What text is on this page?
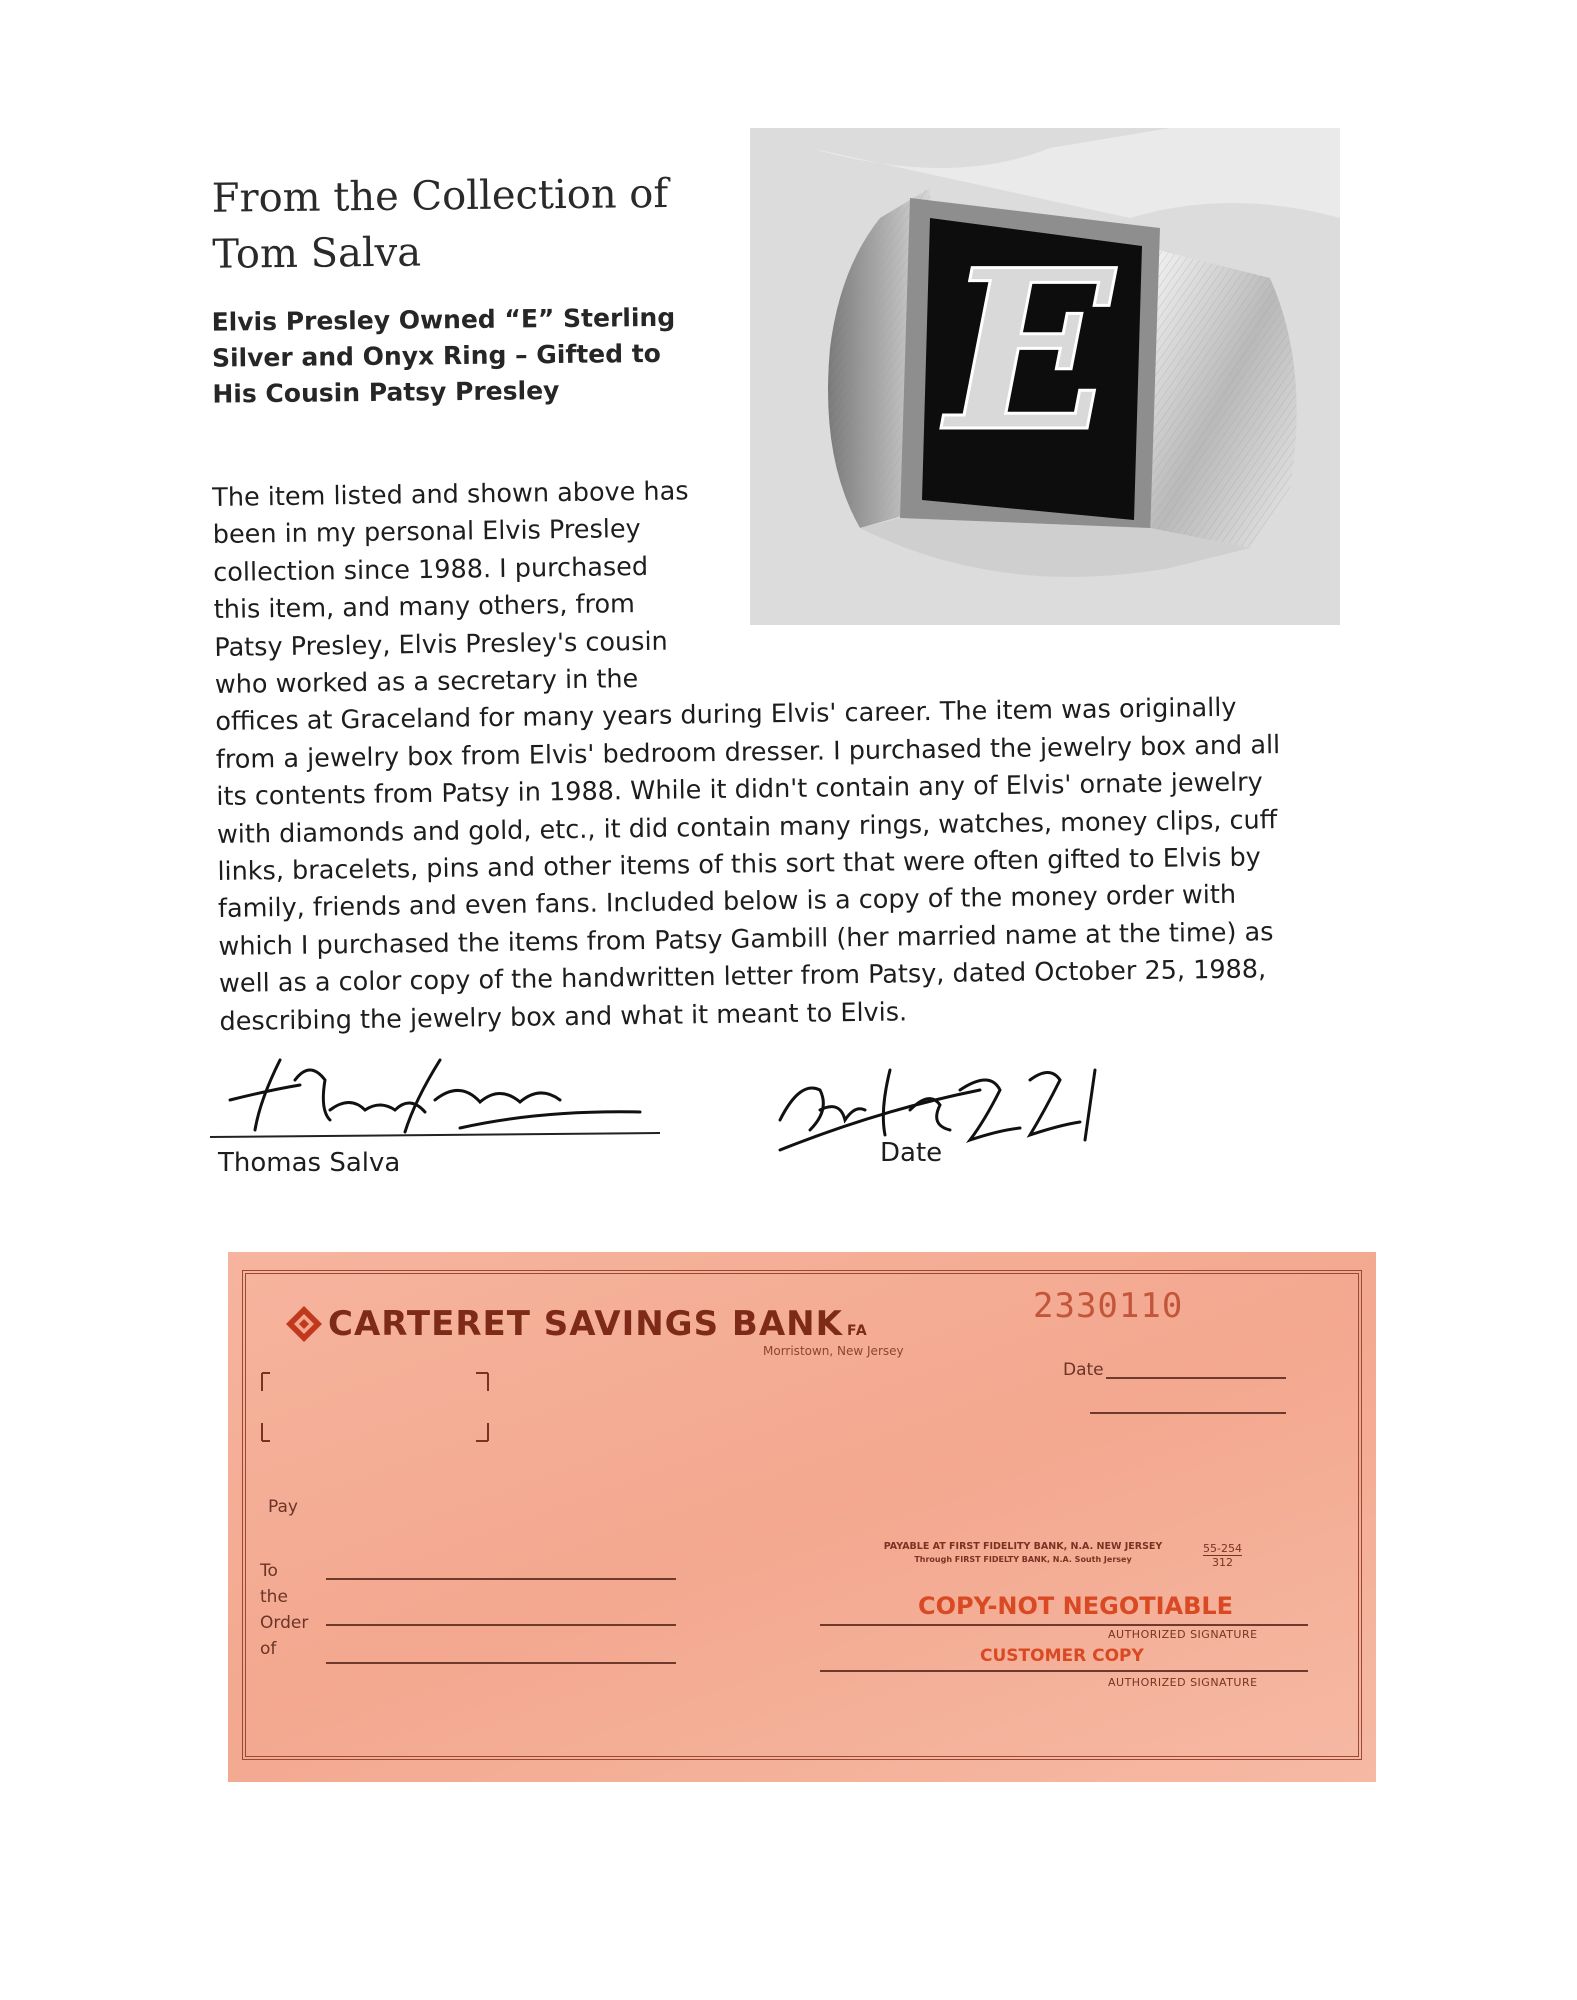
From the Collection of
Tom Salva
Elvis Presley Owned “E” Sterling
Silver and Onyx Ring – Gifted to
His Cousin Patsy Presley	E

The item listed and shown above has

been in my personal Elvis Presley

collection since 1988. I purchased

this item, and many others, from

Patsy Presley, Elvis Presley's cousin

who worked as a secretary in the

offices at Graceland for many years during Elvis' career. The item was originally

from a jewelry box from Elvis' bedroom dresser. I purchased the jewelry box and all

its contents from Patsy in 1988. While it didn't contain any of Elvis' ornate jewelry

with diamonds and gold, etc., it did contain many rings, watches, money clips, cuff

links, bracelets, pins and other items of this sort that were often gifted to Elvis by

family, friends and even fans. Included below is a copy of the money order with

which I purchased the items from Patsy Gambill (her married name at the time) as

well as a color copy of the handwritten letter from Patsy, dated October 25, 1988,

describing the jewelry box and what it meant to Elvis.

Thomas Salva	Date
CARTERET SAVINGS BANK FA
Morristown, New Jersey
2330110
Date
Pay
To
the
Order
of
PAYABLE AT FIRST FIDELITY BANK, N.A. NEW JERSEY
Through FIRST FIDELTY BANK, N.A. South Jersey
55-254
312
COPY-NOT NEGOTIABLE
AUTHORIZED SIGNATURE
CUSTOMER COPY
AUTHORIZED SIGNATURE
